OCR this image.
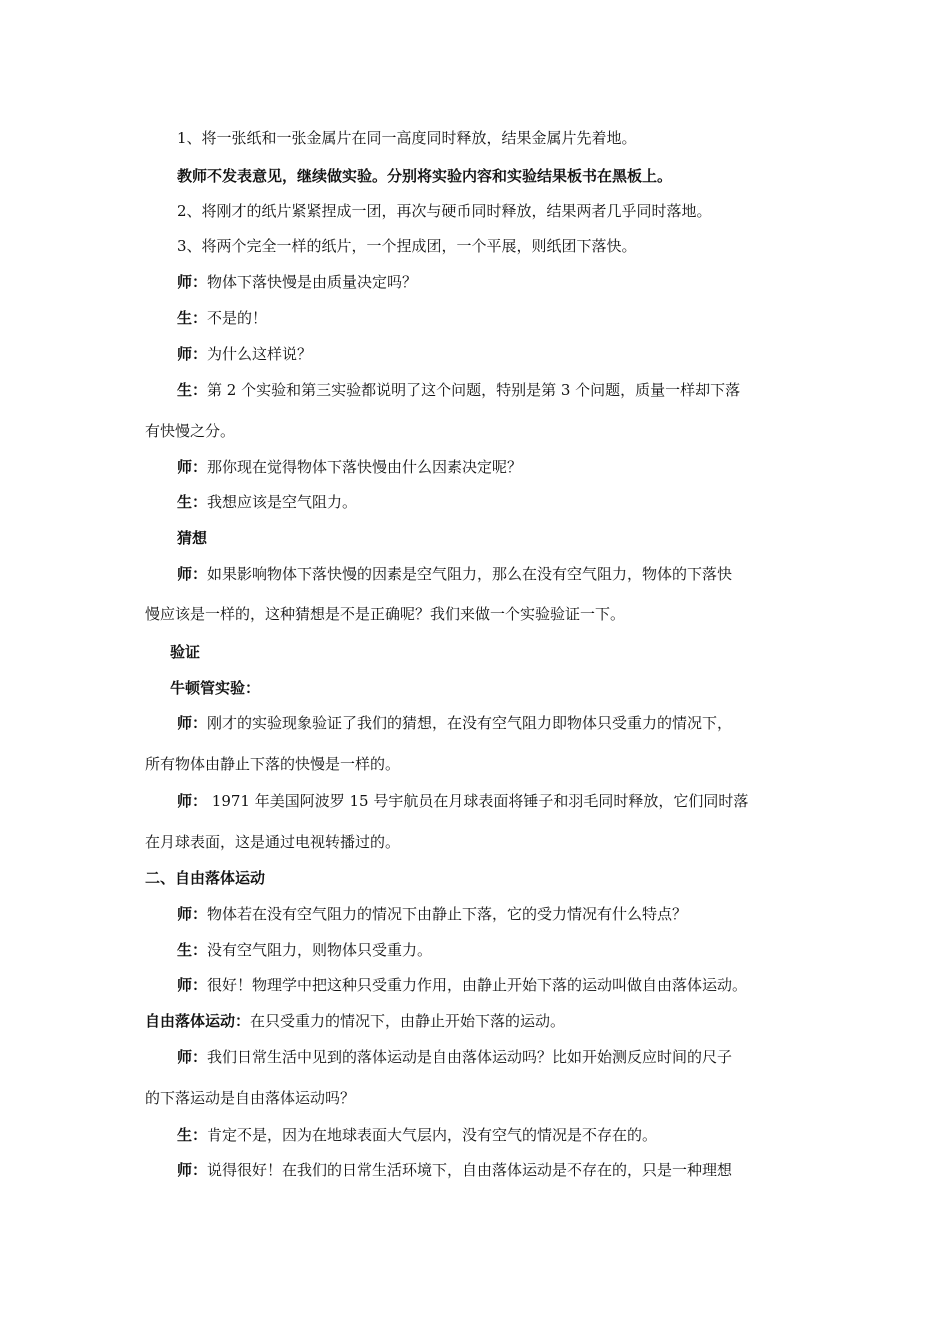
1、将一张纸和一张金属片在同一高度同时释放，结果金属片先着地。
教师不发表意见，继续做实验。分别将实验内容和实验结果板书在黑板上。
2、将刚才的纸片紧紧捏成一团，再次与硬币同时释放，结果两者几乎同时落地。
3、将两个完全一样的纸片，一个捏成团，一个平展，则纸团下落快。
师：物体下落快慢是由质量决定吗？
生：不是的！
师：为什么这样说？
生：第 2 个实验和第三实验都说明了这个问题，特别是第 3 个问题，质量一样却下落
有快慢之分。
师：那你现在觉得物体下落快慢由什么因素决定呢？
生：我想应该是空气阻力。
猜想
师：如果影响物体下落快慢的因素是空气阻力，那么在没有空气阻力，物体的下落快
慢应该是一样的，这种猜想是不是正确呢？我们来做一个实验验证一下。
验证
牛顿管实验：
师：刚才的实验现象验证了我们的猜想，在没有空气阻力即物体只受重力的情况下，
所有物体由静止下落的快慢是一样的。
师： 1971 年美国阿波罗 15 号宇航员在月球表面将锤子和羽毛同时释放，它们同时落
在月球表面，这是通过电视转播过的。
二、自由落体运动
师：物体若在没有空气阻力的情况下由静止下落，它的受力情况有什么特点？
生：没有空气阻力，则物体只受重力。
师：很好！物理学中把这种只受重力作用，由静止开始下落的运动叫做自由落体运动。
自由落体运动：在只受重力的情况下，由静止开始下落的运动。
师：我们日常生活中见到的落体运动是自由落体运动吗？比如开始测反应时间的尺子
的下落运动是自由落体运动吗？
生：肯定不是，因为在地球表面大气层内，没有空气的情况是不存在的。
师：说得很好！在我们的日常生活环境下，自由落体运动是不存在的，只是一种理想
